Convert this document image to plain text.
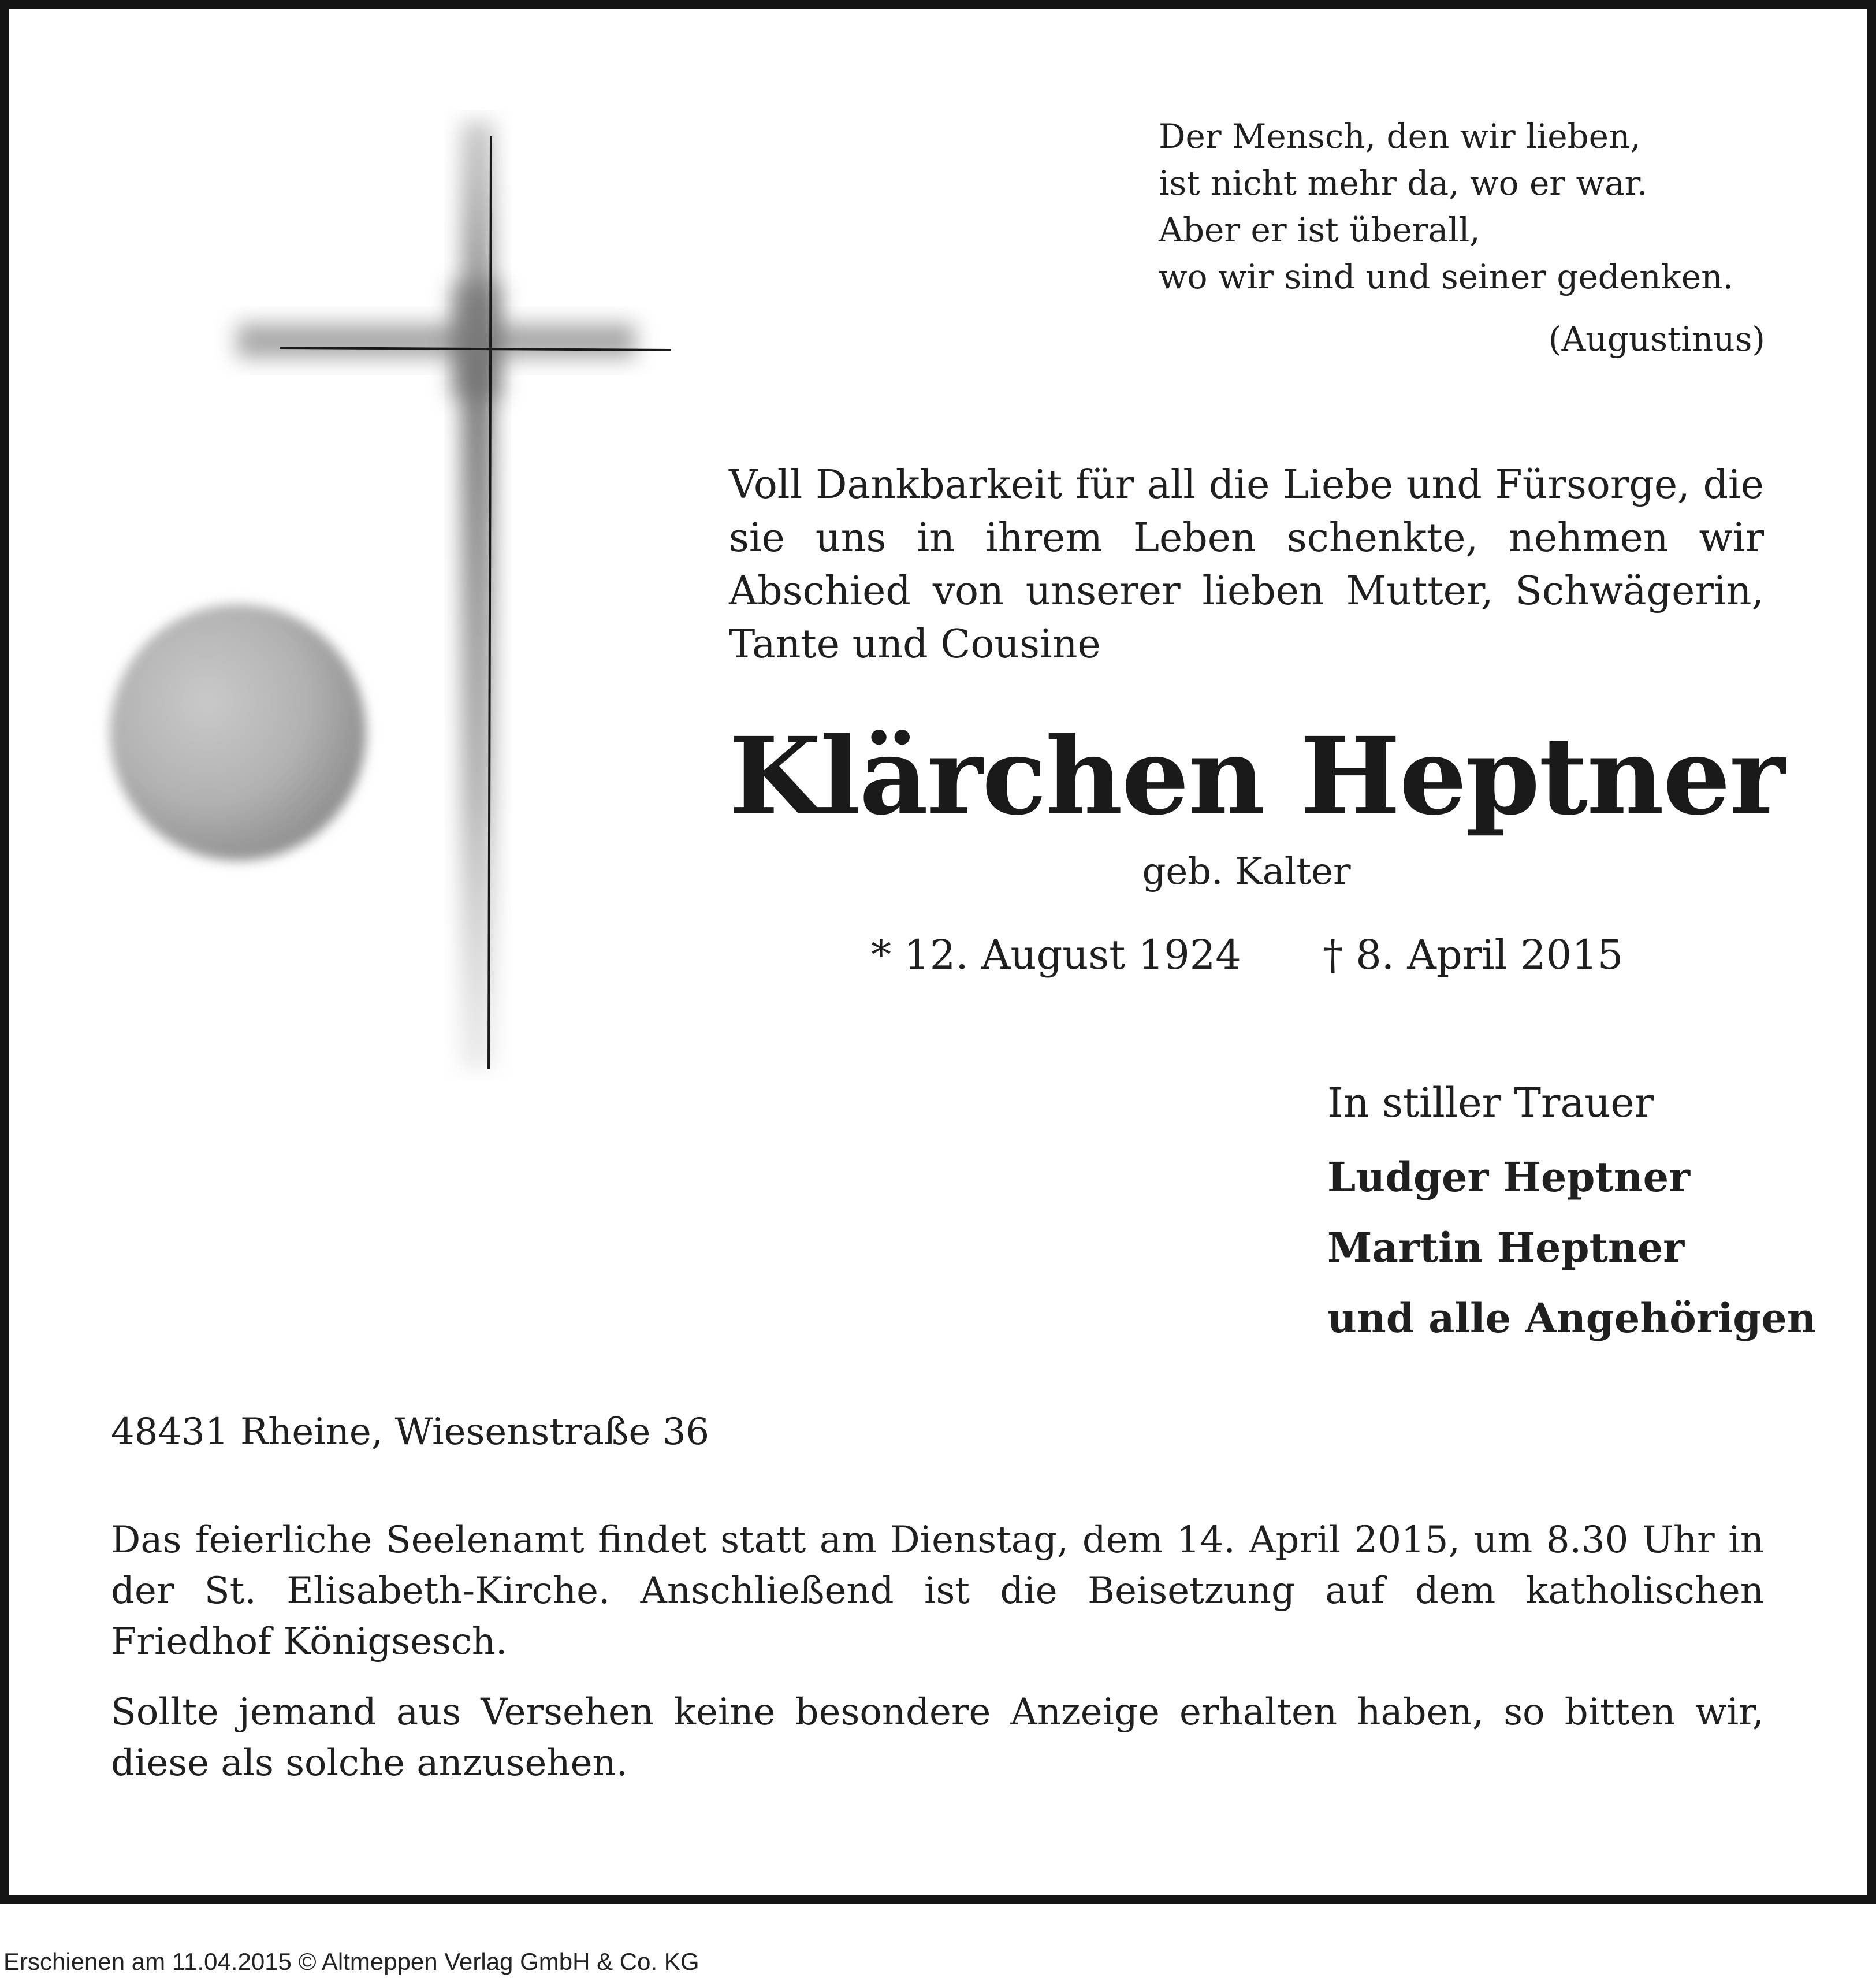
Der Mensch, den wir lieben,
ist nicht mehr da, wo er war.
Aber er ist überall,
wo wir sind und seiner gedenken.
(Augustinus)
Voll Dankbarkeit für all die Liebe und Fürsorge, die
sie uns in ihrem Leben schenkte, nehmen wir
Abschied von unserer lieben Mutter, Schwägerin,
Tante und Cousine
Klärchen Heptner
geb. Kalter
* 12. August 1924 † 8. April 2015
In stiller Trauer
Ludger Heptner
Martin Heptner
und alle Angehörigen
48431 Rheine, Wiesenstraße 36
Das feierliche Seelenamt findet statt am Dienstag, dem 14. April 2015, um 8.30 Uhr in
der St. Elisabeth-Kirche. Anschließend ist die Beisetzung auf dem katholischen
Friedhof Königsesch.
Sollte jemand aus Versehen keine besondere Anzeige erhalten haben, so bitten wir,
diese als solche anzusehen.
Erschienen am 11.04.2015 © Altmeppen Verlag GmbH & Co. KG
